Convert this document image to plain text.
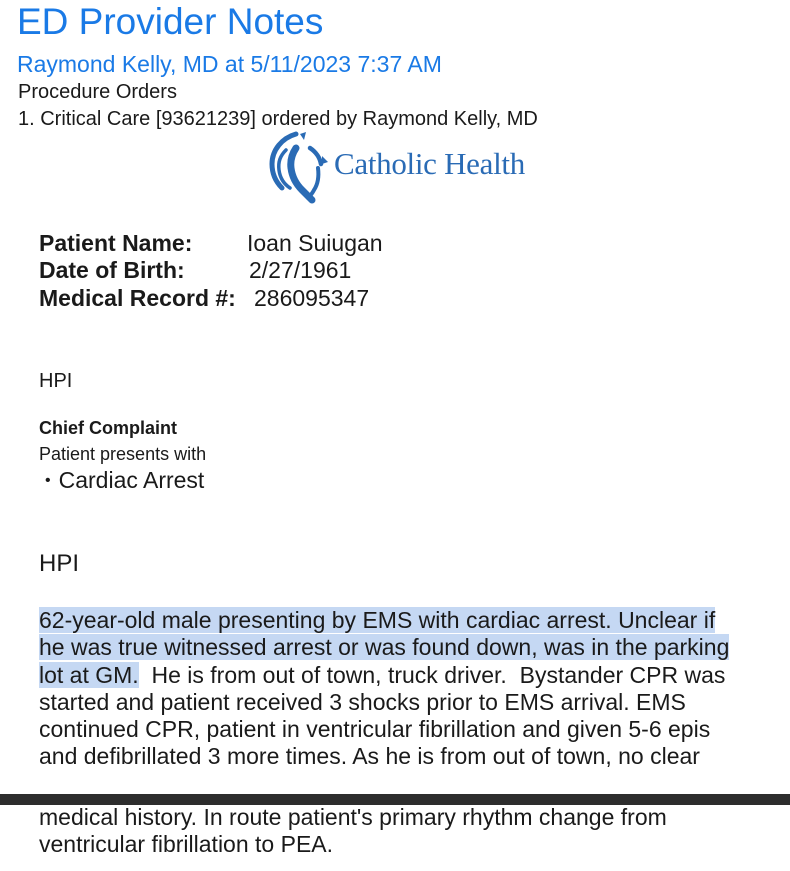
ED Provider Notes
Raymond Kelly, MD at 5/11/2023 7:37 AM
Procedure Orders
1. Critical Care [93621239] ordered by Raymond Kelly, MD
Catholic Health
Patient Name: Ioan Suiugan
Date of Birth:	2/27/1961
Medical Record #: 286095347
HPI
Chief Complaint
Patient presents with
• Cardiac Arrest
HPI
62-year-old male presenting by EMS with cardiac arrest. Unclear if
he was true witnessed arrest or was found down, was in the parking
lot at GM.  He is from out of town, truck driver.  Bystander CPR was
started and patient received 3 shocks prior to EMS arrival. EMS
continued CPR, patient in ventricular fibrillation and given 5-6 epis
and defibrillated 3 more times. As he is from out of town, no clear
medical history. In route patient's primary rhythm change from
ventricular fibrillation to PEA.
